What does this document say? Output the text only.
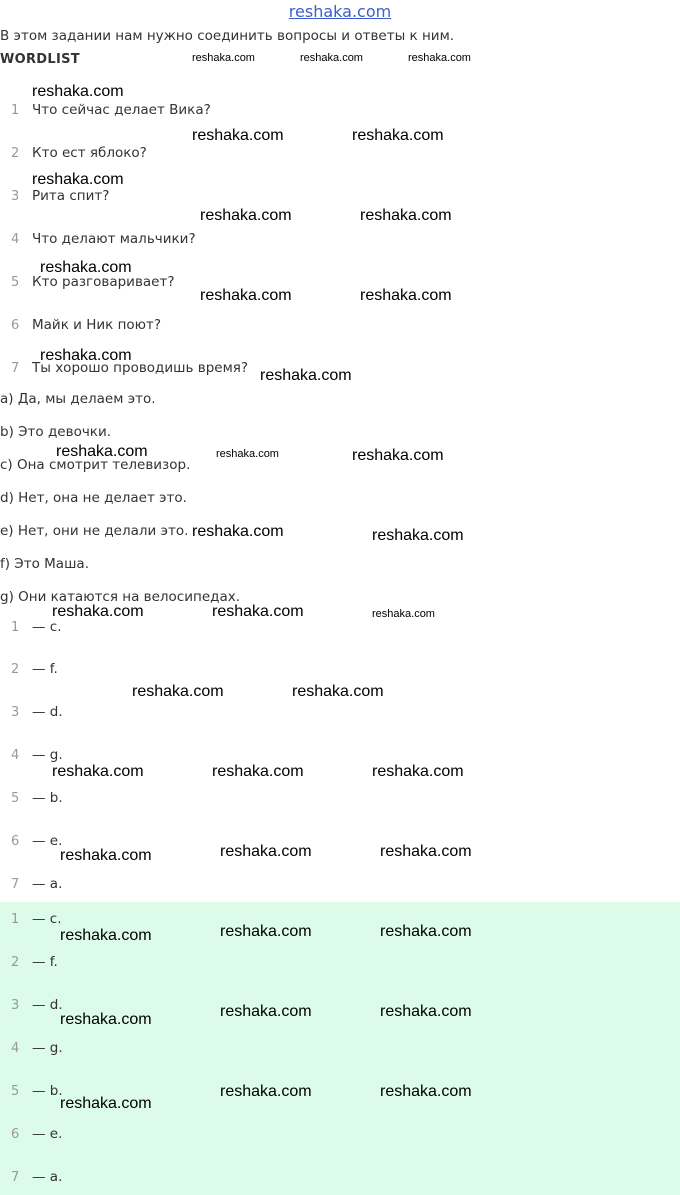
reshaka.com
В этом задании нам нужно соединить вопросы и ответы к ним.
WORDLIST
1 Что сейчас делает Вика?
2 Кто ест яблоко?
3 Рита спит?
4 Что делают мальчики?
5 Кто разговаривает?
6 Майк и Ник поют?
7 Ты хорошо проводишь время?
a) Да, мы делаем это.
b) Это девочки.
c) Она смотрит телевизор.
d) Нет, она не делает это.
e) Нет, они не делали это.
f) Это Маша.
g) Они катаются на велосипедах.
1 — c.
2 — f.
3 — d.
4 — g.
5 — b.
6 — e.
7 — a.
1 — c.
2 — f.
3 — d.
4 — g.
5 — b.
6 — e.
7 — a.
reshaka.com	reshaka.com	reshaka.com
reshaka.com
reshaka.com	reshaka.com
reshaka.com
reshaka.com	reshaka.com
reshaka.com
reshaka.com	reshaka.com
reshaka.com
reshaka.com
reshaka.com	reshaka.com	reshaka.com
reshaka.com	reshaka.com
reshaka.com	reshaka.com	reshaka.com
reshaka.com	reshaka.com
reshaka.com	reshaka.com	reshaka.com
reshaka.com	reshaka.com	reshaka.com
reshaka.com	reshaka.com	reshaka.com
reshaka.com	reshaka.com	reshaka.com
reshaka.com
reshaka.com	reshaka.com
